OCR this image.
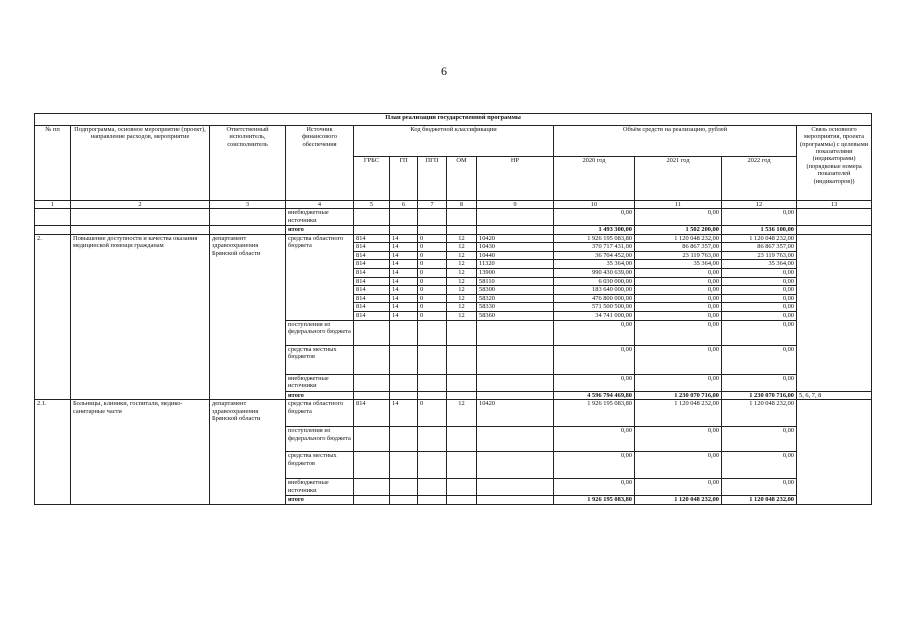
6
План реализации государственной программы												
№ пп	Подпрограмма, основное мероприятие (проект), направление расходов, мероприятие	Ответственный исполнитель, соисполнитель	Источник финансового обеспечения	Код бюджетной классификации					Объём средств на реализацию, рублей			Связь основного мероприятия, проекта (программы) с целевыми показателями (индикаторами) (порядковые номера показателей (индикаторов))
				ГРБС	ГП	ПГП	ОМ	НР	2020 год	2021 год	2022 год	
1	2	3	4	5	6	7	8	9	10	11	12	13
			внебюджетные источники						0,00	0,00	0,00	
			итого						1 493 300,00	1 502 200,00	1 536 100,00	
2.	Повышение доступности и качества оказания медицинской помощи гражданам	департамент здравоохранения Брянской области	средства областного бюджета	814	14	0	12	10420	1 926 195 083,80	1 120 048 232,00	1 120 048 232,00	
				814	14	0	12	10430	370 717 431,00	86 867 357,00	86 867 357,00	
				814	14	0	12	10440	36 704 452,00	23 119 763,00	23 119 763,00	
				814	14	0	12	11320	35 364,00	35 364,00	35 364,00	
				814	14	0	12	13900	990 430 639,00	0,00	0,00	
				814	14	0	12	58110	6 030 000,00	0,00	0,00	
				814	14	0	12	58300	183 640 000,00	0,00	0,00	
				814	14	0	12	58320	476 800 000,00	0,00	0,00	
				814	14	0	12	58330	571 500 500,00	0,00	0,00	
				814	14	0	12	58360	34 741 000,00	0,00	0,00	
			поступления из федерального бюджета						0,00	0,00	0,00	
			средства местных бюджетов						0,00	0,00	0,00	
			внебюджетные источники						0,00	0,00	0,00	
			итого						4 596 794 469,80	1 230 070 716,00	1 230 070 716,00	5, 6, 7, 8
2.1.	Больницы, клиники, госпитали, медико-санитарные части	департамент здравоохранения Брянской области	средства областного бюджета	814	14	0	12	10420	1 926 195 083,80	1 120 048 232,00	1 120 048 232,00	
			поступления из федерального бюджета						0,00	0,00	0,00	
			средства местных бюджетов						0,00	0,00	0,00	
			внебюджетные источники						0,00	0,00	0,00	
			итого						1 926 195 083,80	1 120 048 232,00	1 120 048 232,00	
